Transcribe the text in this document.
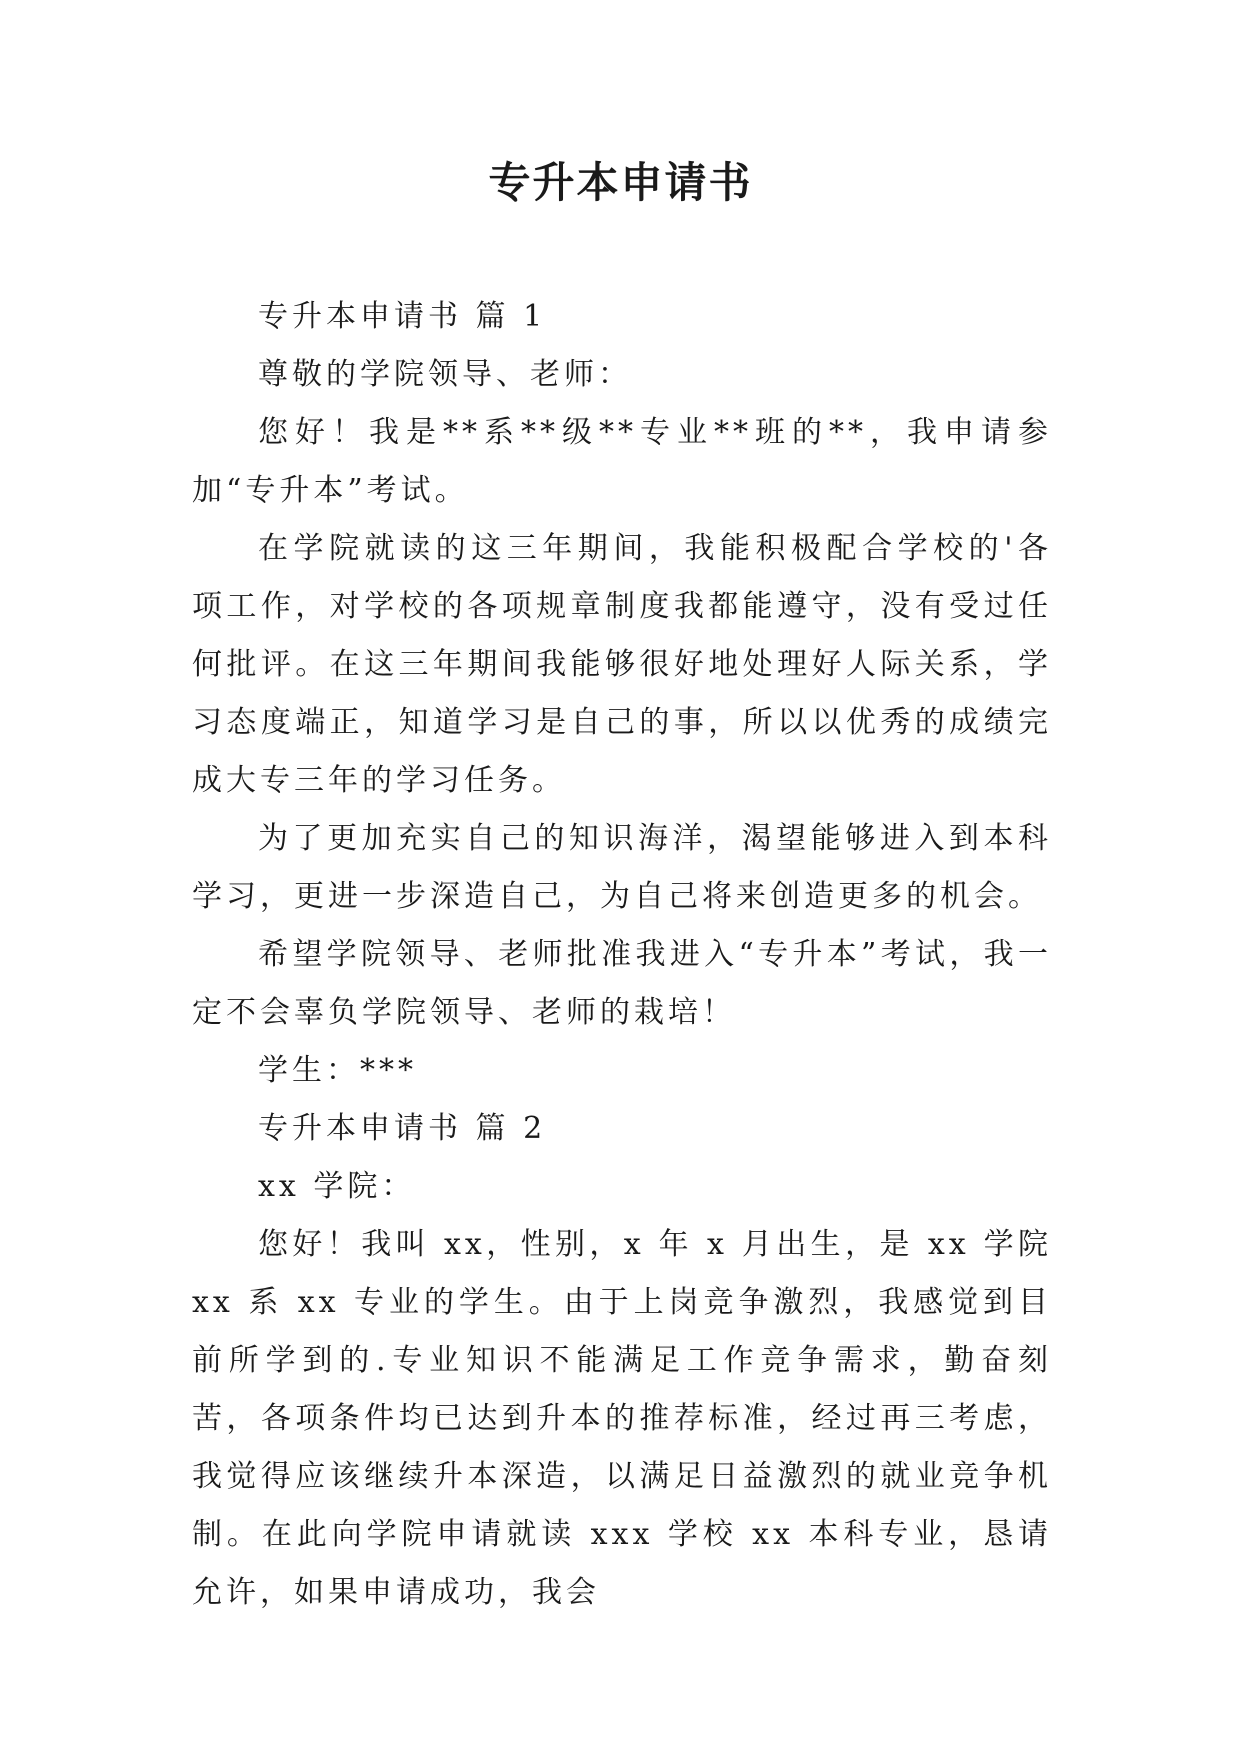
专升本申请书

专升本申请书 篇 1

尊敬的学院领导、老师：

您好！我是**系**级**专业**班的**，我申请参加“专升本”考试。

在学院就读的这三年期间，我能积极配合学校的'各项工作，对学校的各项规章制度我都能遵守，没有受过任何批评。在这三年期间我能够很好地处理好人际关系，学习态度端正，知道学习是自己的事，所以以优秀的成绩完成大专三年的学习任务。

为了更加充实自己的知识海洋，渴望能够进入到本科学习，更进一步深造自己，为自己将来创造更多的机会。

希望学院领导、老师批准我进入“专升本”考试，我一定不会辜负学院领导、老师的栽培！

学生：***

专升本申请书 篇 2

xx 学院：

您好！我叫 xx，性别，x 年 x 月出生，是 xx 学院 xx 系 xx 专业的学生。由于上岗竞争激烈，我感觉到目前所学到的.专业知识不能满足工作竞争需求，勤奋刻苦，各项条件均已达到升本的推荐标准，经过再三考虑，我觉得应该继续升本深造，以满足日益激烈的就业竞争机制。在此向学院申请就读 xxx 学校 xx 本科专业，恳请允许，如果申请成功，我会
